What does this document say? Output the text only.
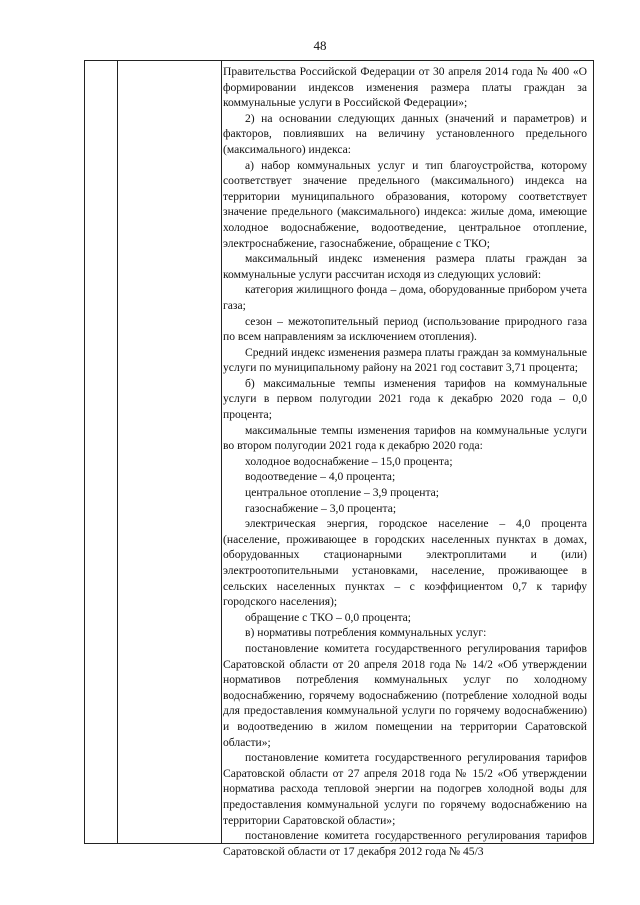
48

Правительства Российской Федерации от 30 апреля 2014 года № 400 «О формировании индексов изменения размера платы граждан за коммунальные услуги в Российской Федерации»;

2) на основании следующих данных (значений и параметров) и факторов, повлиявших на величину установленного предельного (максимального) индекса:

а) набор коммунальных услуг и тип благоустройства, которому соответствует значение предельного (максимального) индекса на территории муниципального образования, которому соответствует значение предельного (максимального) индекса: жилые дома, имеющие холодное водоснабжение, водоотведение, центральное отопление, электроснабжение, газоснабжение, обращение с ТКО;

максимальный индекс изменения размера платы граждан за коммунальные услуги рассчитан исходя из следующих условий:

категория жилищного фонда – дома, оборудованные прибором учета газа;

сезон – межотопительный период (использование природного газа по всем направлениям за исключением отопления).

Средний индекс изменения размера платы граждан за коммунальные услуги по муниципальному району на 2021 год составит 3,71 процента;

б) максимальные темпы изменения тарифов на коммунальные услуги в первом полугодии 2021 года к декабрю 2020 года – 0,0 процента;

максимальные темпы изменения тарифов на коммунальные услуги во втором полугодии 2021 года к декабрю 2020 года:

холодное водоснабжение – 15,0 процента;

водоотведение – 4,0 процента;

центральное отопление – 3,9 процента;

газоснабжение – 3,0 процента;

электрическая энергия, городское население – 4,0 процента (население, проживающее в городских населенных пунктах в домах, оборудованных стационарными электроплитами и (или) электроотопительными установками, население, проживающее в сельских населенных пунктах – с коэффициентом 0,7 к тарифу городского населения);

обращение с ТКО – 0,0 процента;

в) нормативы потребления коммунальных услуг:

постановление комитета государственного регулирования тарифов Саратовской области от 20 апреля 2018 года № 14/2 «Об утверждении нормативов потребления коммунальных услуг по холодному водоснабжению, горячему водоснабжению (потребление холодной воды для предоставления коммунальной услуги по горячему водоснабжению) и водоотведению в жилом помещении на территории Саратовской области»;

постановление комитета государственного регулирования тарифов Саратовской области от 27 апреля 2018 года № 15/2 «Об утверждении норматива расхода тепловой энергии на подогрев холодной воды для предоставления коммунальной услуги по горячему водоснабжению на территории Саратовской области»;

постановление комитета государственного регулирования тарифов Саратовской области от 17 декабря 2012 года № 45/3
